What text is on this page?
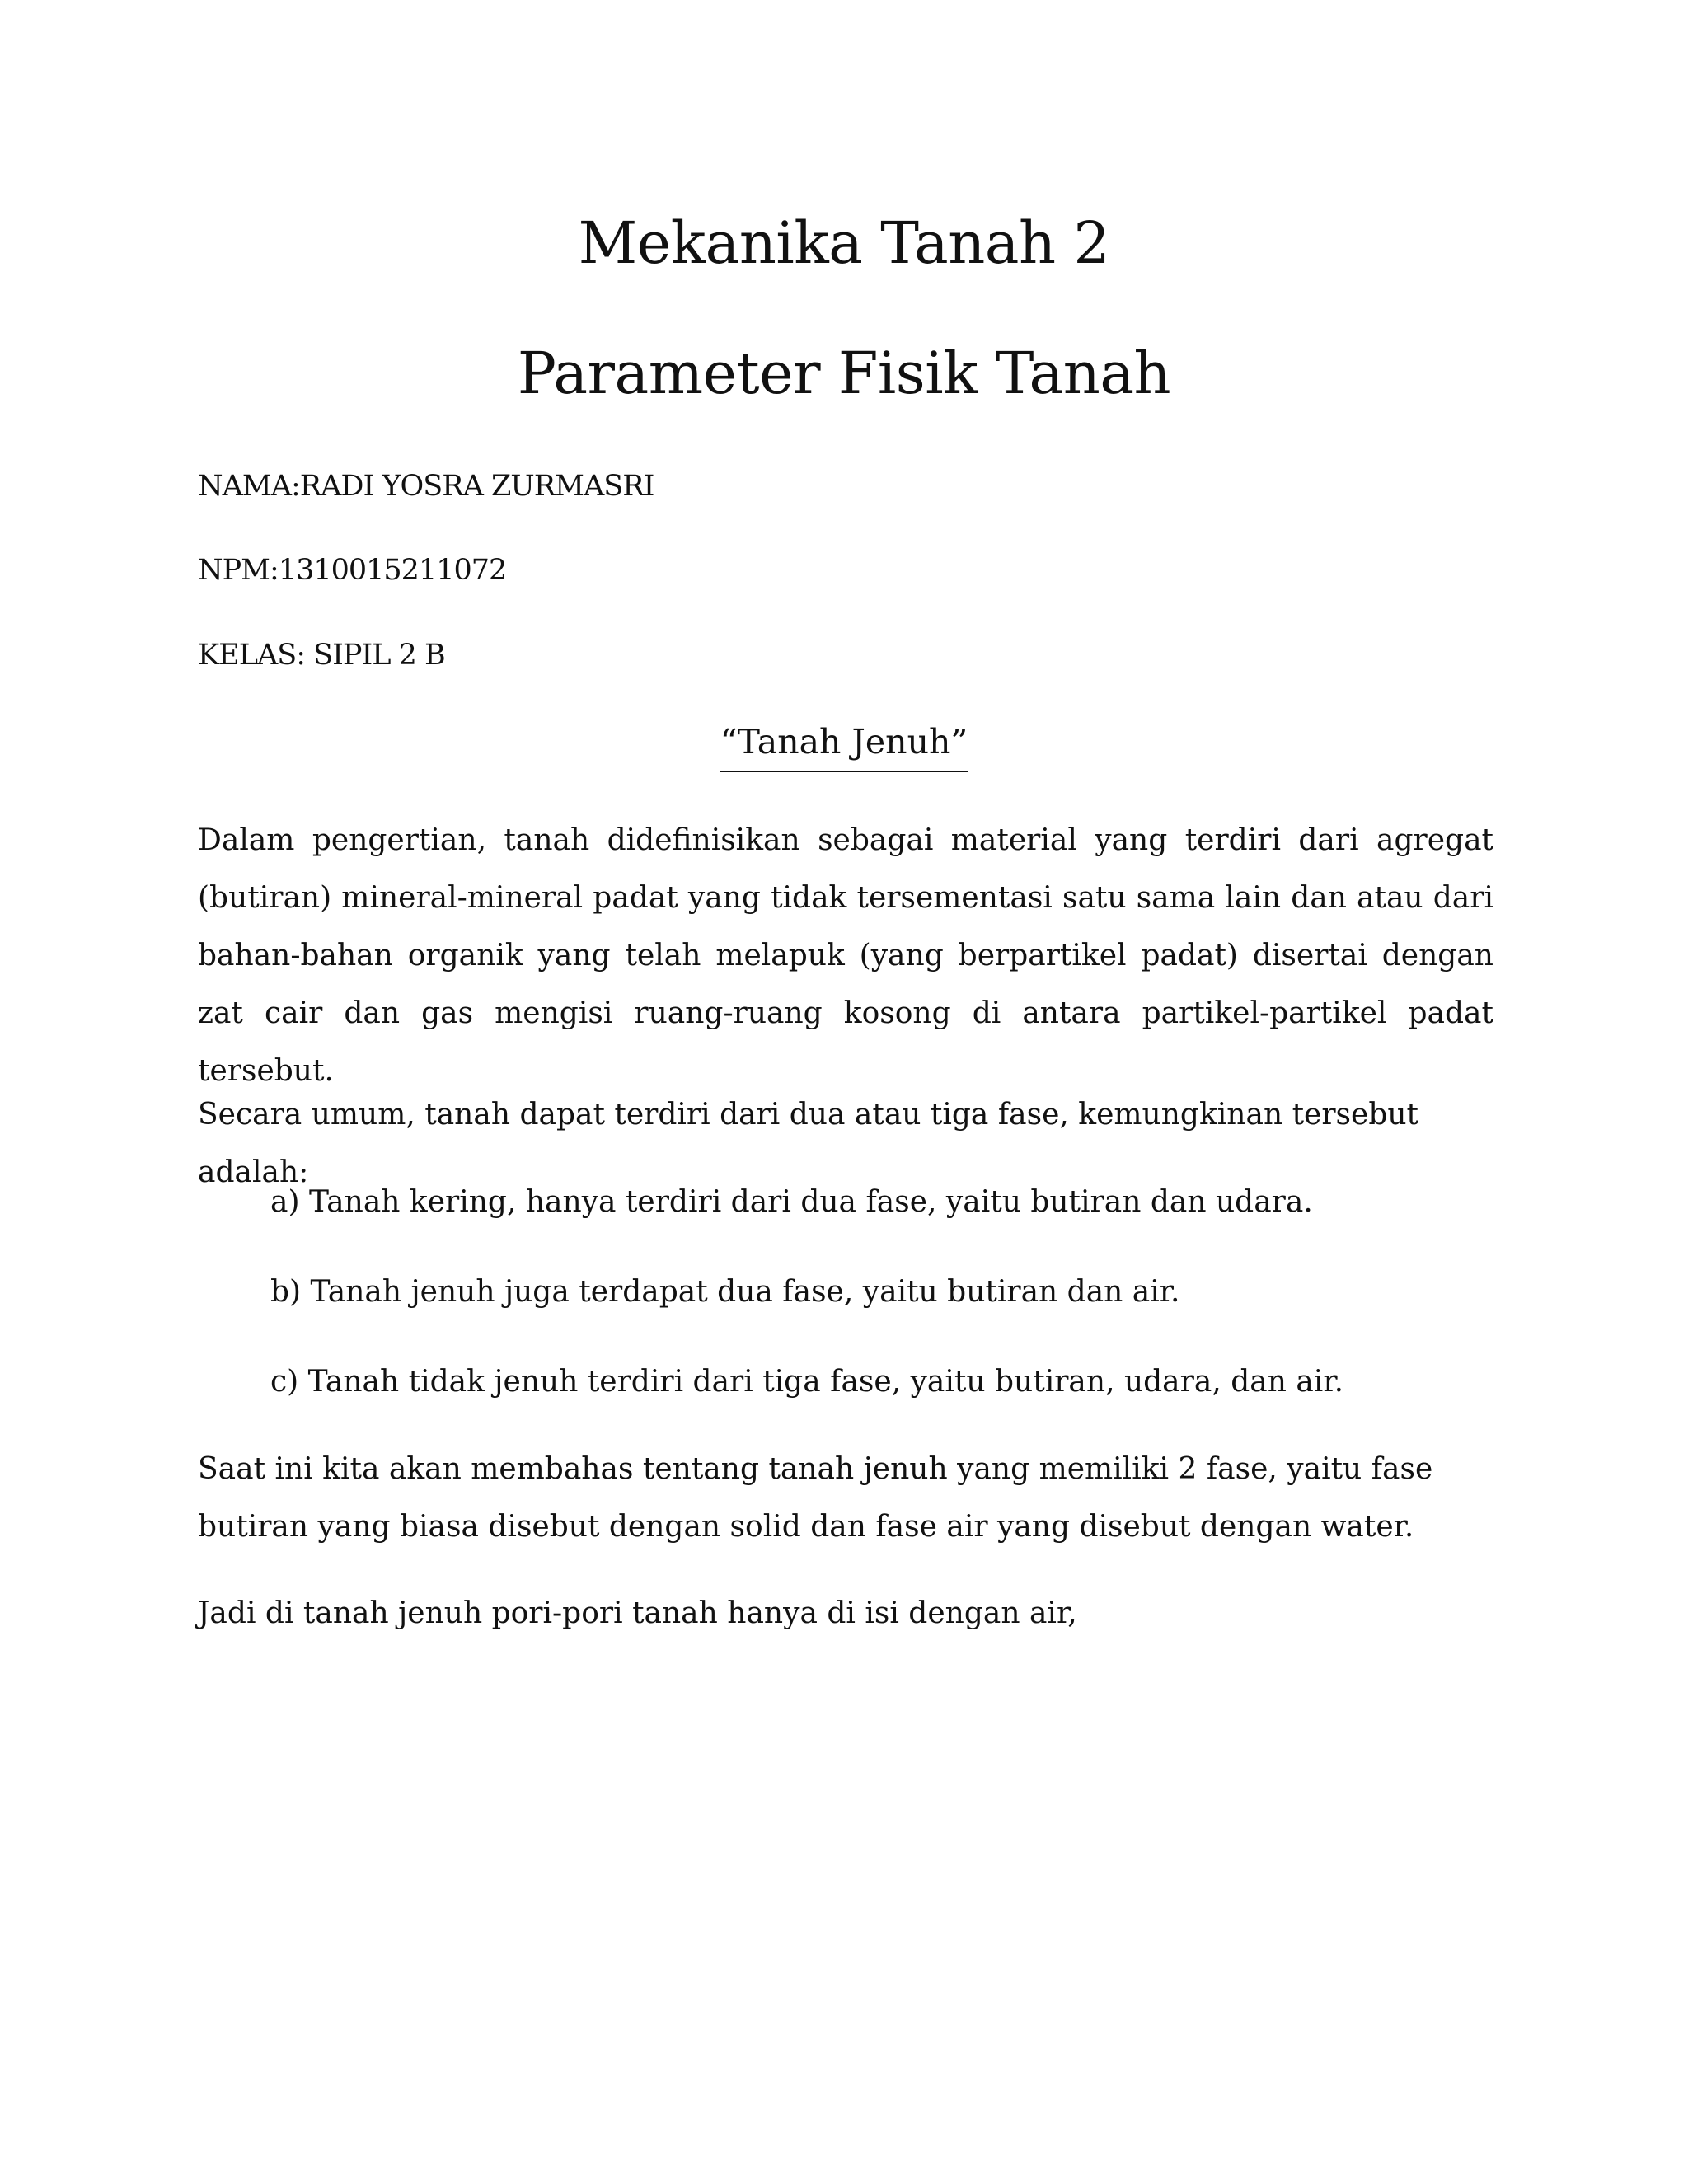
Mekanika Tanah 2
Parameter Fisik Tanah
NAMA:RADI YOSRA ZURMASRI
NPM:1310015211072
KELAS: SIPIL 2 B
“Tanah Jenuh”

Dalam pengertian, tanah didefinisikan sebagai material yang terdiri dari agregat (butiran) mineral-mineral padat yang tidak tersementasi satu sama lain dan atau dari bahan-bahan organik yang telah melapuk (yang berpartikel padat) disertai dengan zat cair dan gas mengisi ruang-ruang kosong di antara partikel-partikel padat tersebut.

Secara umum, tanah dapat terdiri dari dua atau tiga fase, kemungkinan tersebut adalah:

a) Tanah kering, hanya terdiri dari dua fase, yaitu butiran dan udara.

b) Tanah jenuh juga terdapat dua fase, yaitu butiran dan air.

c) Tanah tidak jenuh terdiri dari tiga fase, yaitu butiran, udara, dan air.

Saat ini kita akan membahas tentang tanah jenuh yang memiliki 2 fase, yaitu fase butiran yang biasa disebut dengan solid dan fase air yang disebut dengan water.

Jadi di tanah jenuh pori-pori tanah hanya di isi dengan air,
